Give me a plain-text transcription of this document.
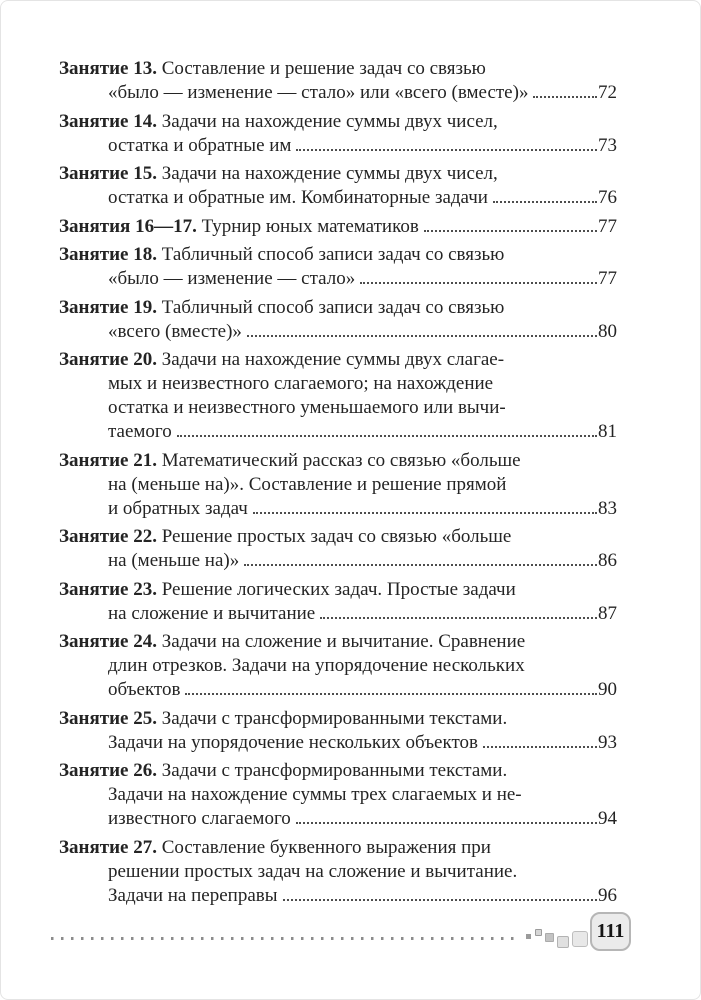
Занятие 13. Составление и решение задач со связью
«было — изменение — стало» или «всего (вместе)»	72
Занятие 14. Задачи на нахождение суммы двух чисел,
остатка и обратные им	73
Занятие 15. Задачи на нахождение суммы двух чисел,
остатка и обратные им. Комбинаторные задачи	76
Занятия 16—17.
Турнир юных математиков	77
Занятие 18. Табличный способ записи задач со связью
«было — изменение — стало»	77
Занятие 19. Табличный способ записи задач со связью
«всего (вместе)»	80
Занятие 20. Задачи на нахождение суммы двух слагае-
мых и неизвестного слагаемого; на нахождение
остатка и неизвестного уменьшаемого или вычи-
таемого	81
Занятие 21. Математический рассказ со связью «больше
на (меньше на)». Составление и решение прямой
и обратных задач	83
Занятие 22. Решение простых задач со связью «больше
на (меньше на)»	86
Занятие 23. Решение логических задач. Простые задачи
на сложение и вычитание	87
Занятие 24. Задачи на сложение и вычитание. Сравнение
длин отрезков. Задачи на упорядочение нескольких
объектов	90
Занятие 25. Задачи с трансформированными текстами.
Задачи на упорядочение нескольких объектов	93
Занятие 26. Задачи с трансформированными текстами.
Задачи на нахождение суммы трех слагаемых и не-
известного слагаемого	94
Занятие 27. Составление буквенного выражения при
решении простых задач на сложение и вычитание.
Задачи на переправы	96
111
